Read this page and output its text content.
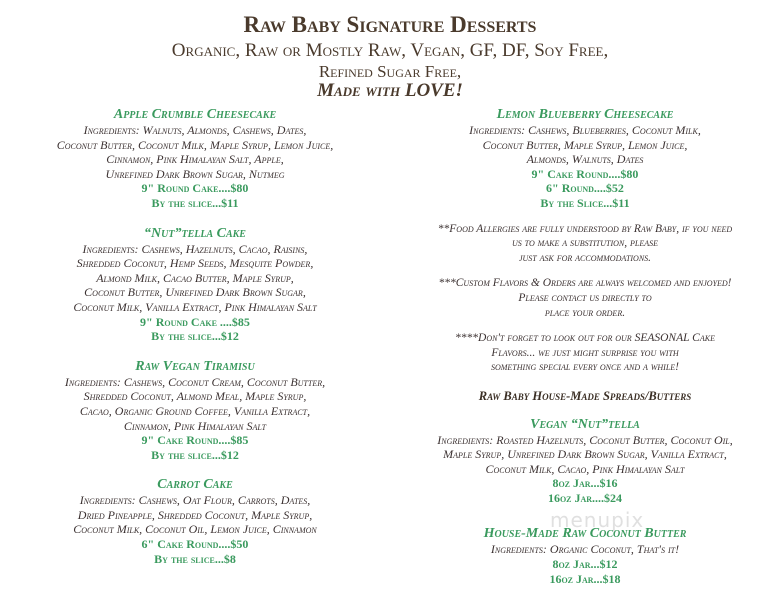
Raw Baby Signature Desserts
Organic, Raw or Mostly Raw, Vegan, GF, DF, Soy Free,
Refined Sugar Free,
Made with LOVE!
Apple Crumble Cheesecake
Ingredients: Walnuts, Almonds, Cashews, Dates,
Coconut Butter, Coconut Milk, Maple Syrup, Lemon Juice,
Cinnamon, Pink Himalayan Salt, Apple,
Unrefined Dark Brown Sugar, Nutmeg
9" Round Cake....$80
By the slice...$11
“Nut”tella Cake
Ingredients: Cashews, Hazelnuts, Cacao, Raisins,
Shredded Coconut, Hemp Seeds, Mesquite Powder,
Almond Milk, Cacao Butter, Maple Syrup,
Coconut Butter, Unrefined Dark Brown Sugar,
Coconut Milk, Vanilla Extract, Pink Himalayan Salt
9" Round Cake ....$85
By the slice...$12
Raw Vegan Tiramisu
Ingredients: Cashews, Coconut Cream, Coconut Butter,
Shredded Coconut, Almond Meal, Maple Syrup,
Cacao, Organic Ground Coffee, Vanilla Extract,
Cinnamon, Pink Himalayan Salt
9" Cake Round....$85
By the slice...$12
Carrot Cake
Ingredients: Cashews, Oat Flour, Carrots, Dates,
Dried Pineapple, Shredded Coconut, Maple Syrup,
Coconut Milk, Coconut Oil, Lemon Juice, Cinnamon
6" Cake Round....$50
By the slice...$8
Lemon Blueberry Cheesecake
Ingredients: Cashews, Blueberries, Coconut Milk,
Coconut Butter, Maple Syrup, Lemon Juice,
Almonds, Walnuts, Dates
9" Cake Round....$80
6" Round....$52
By the Slice...$11
**Food Allergies are fully understood by Raw Baby, if you need
us to make a substitution, please
just ask for accommodations.
***Custom Flavors & Orders are always welcomed and enjoyed!
Please contact us directly to
place your order.
****Don't forget to look out for our SEASONAL Cake
Flavors... we just might surprise you with
something special every once and a while!
Raw Baby House-Made Spreads/Butters
Vegan “Nut”tella
Ingredients: Roasted Hazelnuts, Coconut Butter, Coconut Oil,
Maple Syrup, Unrefined Dark Brown Sugar, Vanilla Extract,
Coconut Milk, Cacao, Pink Himalayan Salt
8oz Jar...$16
16oz Jar....$24
House-Made Raw Coconut Butter
Ingredients: Organic Coconut, That's it!
8oz Jar...$12
16oz Jar...$18
menupix
